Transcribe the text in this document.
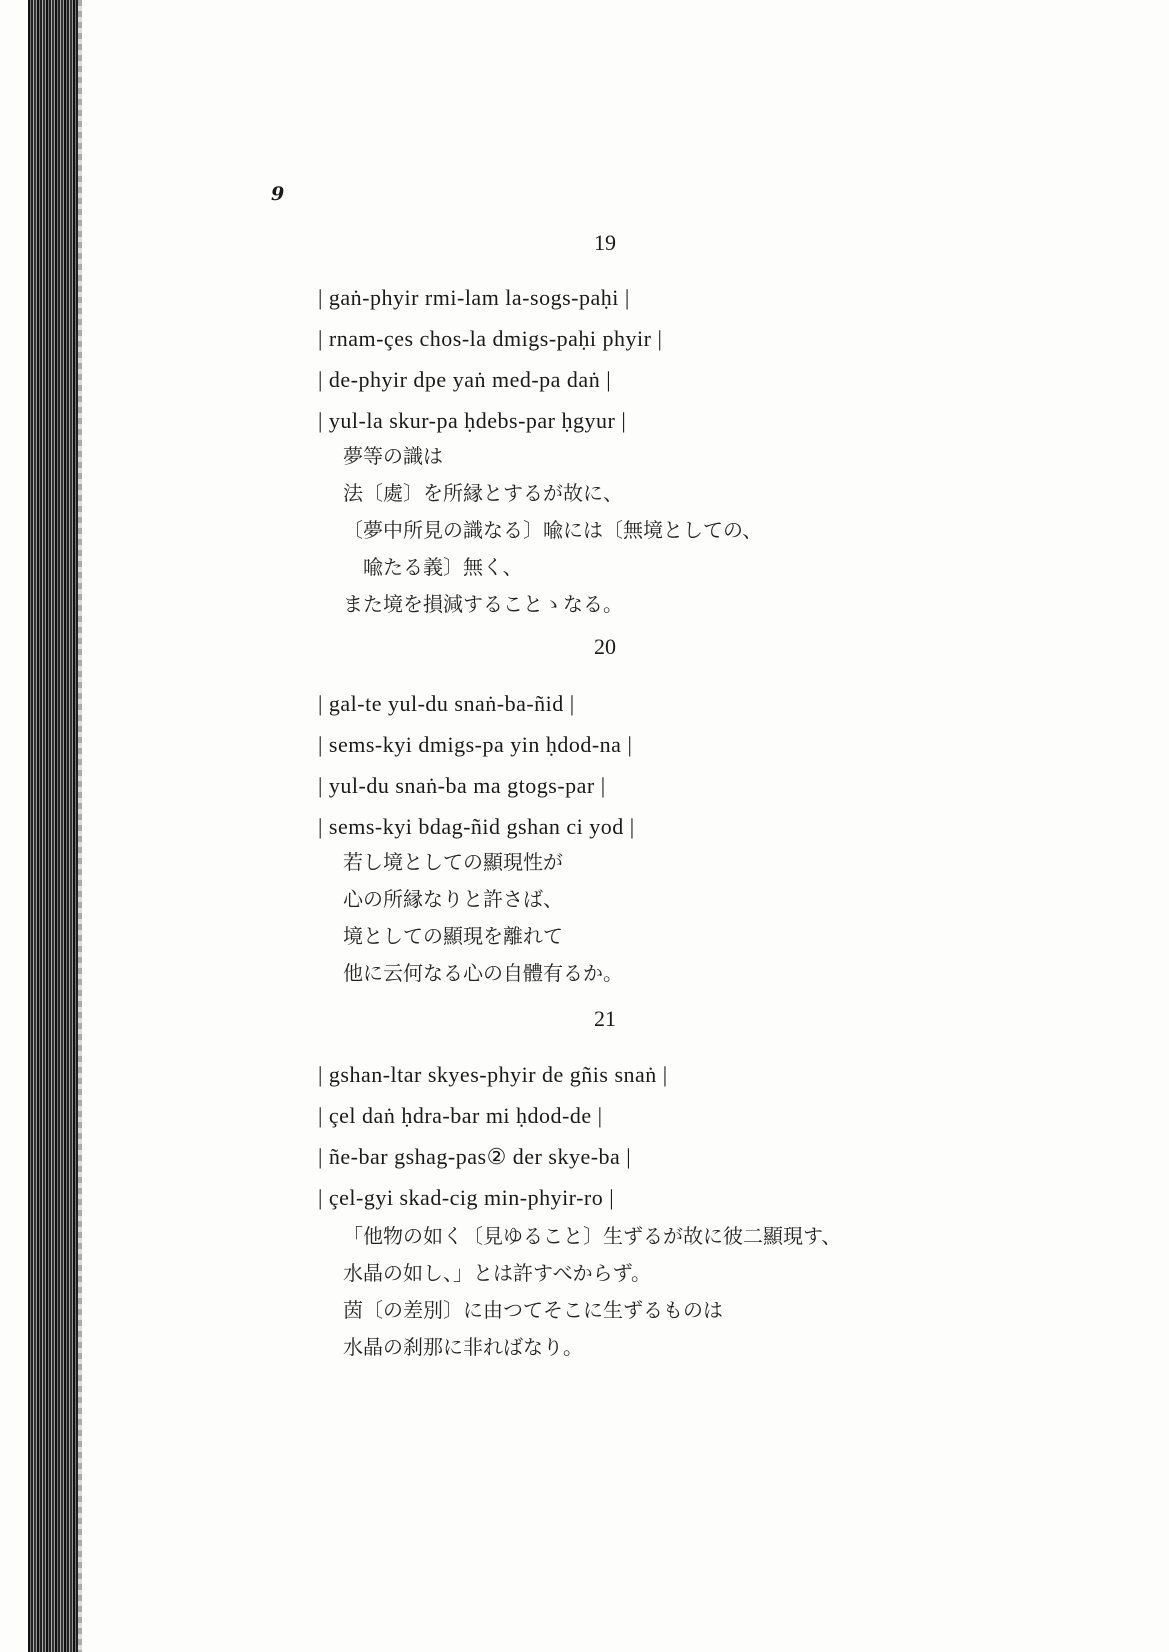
9
19
| gaṅ-phyir rmi-lam la-sogs-paḥi |
| rnam-çes chos-la dmigs-paḥi phyir |
| de-phyir dpe yaṅ med-pa daṅ |
| yul-la skur-pa ḥdebs-par ḥgyur |
夢等の識は
法〔處〕を所縁とするが故に、
〔夢中所見の識なる〕喩には〔無境としての、
　喩たる義〕無く、
また境を損減することゝなる。
20
| gal-te yul-du snaṅ-ba-ñid |
| sems-kyi dmigs-pa yin ḥdod-na |
| yul-du snaṅ-ba ma gtogs-par |
| sems-kyi bdag-ñid gshan ci yod |
若し境としての顯現性が
心の所縁なりと許さば、
境としての顯現を離れて
他に云何なる心の自體有るか。
21
| gshan-ltar skyes-phyir de gñis snaṅ |
| çel daṅ ḥdra-bar mi ḥdod-de |
| ñe-bar gshag-pas② der skye-ba |
| çel-gyi skad-cig min-phyir-ro |
「他物の如く〔見ゆること〕生ずるが故に彼二顯現す、
水晶の如し、」とは許すべからず。
茵〔の差別〕に由つてそこに生ずるものは
水晶の刹那に非ればなり。
